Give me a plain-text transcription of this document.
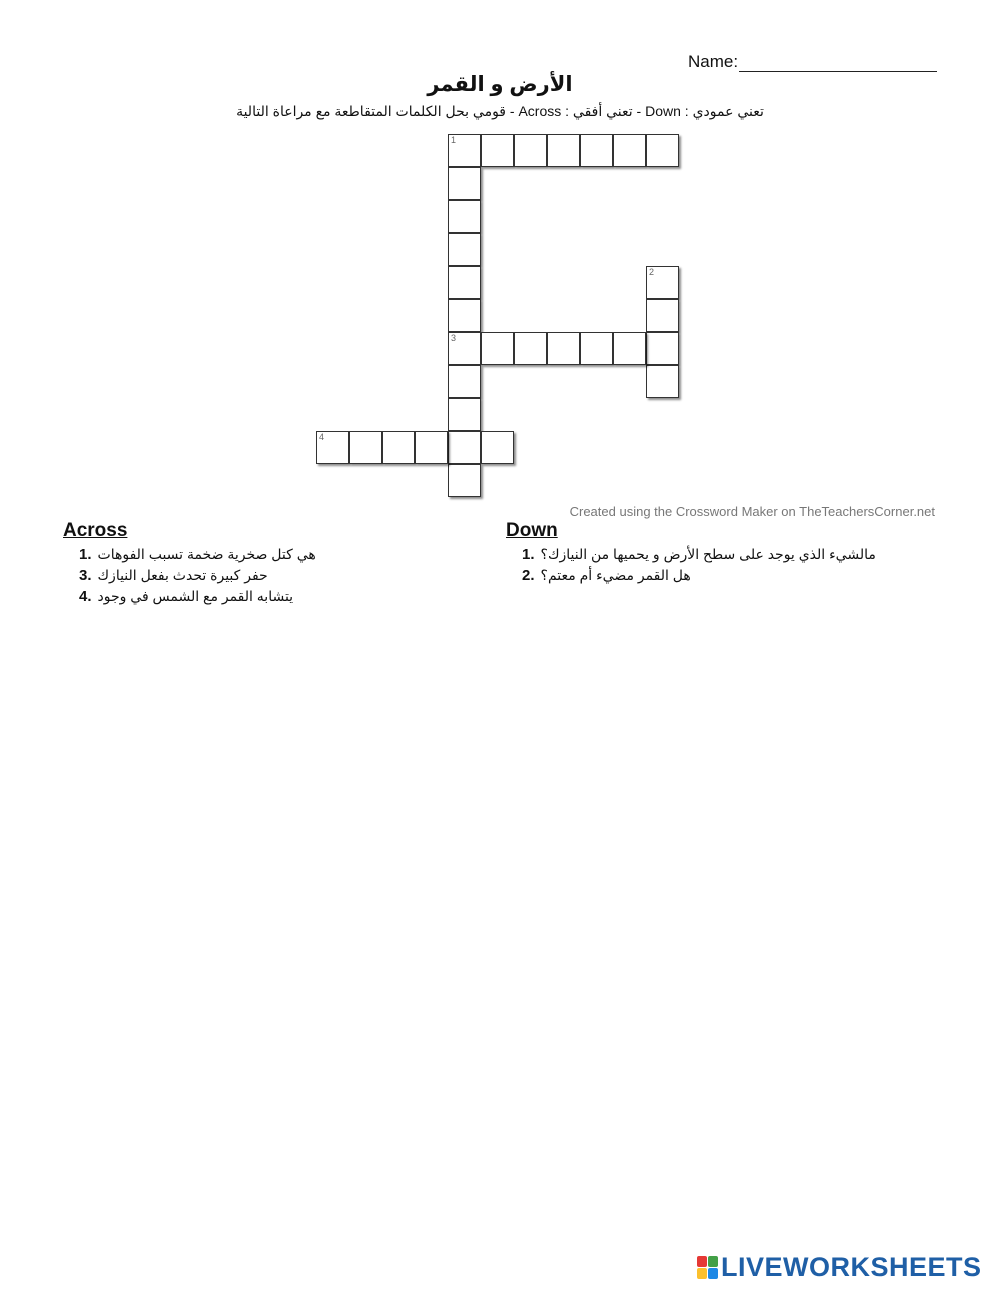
Name:
الأرض و القمر
تعني عمودي : Down - تعني أفقي : Across - قومي بحل الكلمات المتقاطعة مع مراعاة التالية
1
3
2
4
Created using the Crossword Maker on TheTeachersCorner.net
Across
1. هي كتل صخرية ضخمة تسبب الفوهات
3. حفر كبيرة تحدث بفعل النيازك
4. يتشابه القمر مع الشمس في وجود
Down
1. مالشيء الذي يوجد على سطح الأرض و يحميها من النيازك؟
2. هل القمر مضيء أم معتم؟
LIVEWORKSHEETS
